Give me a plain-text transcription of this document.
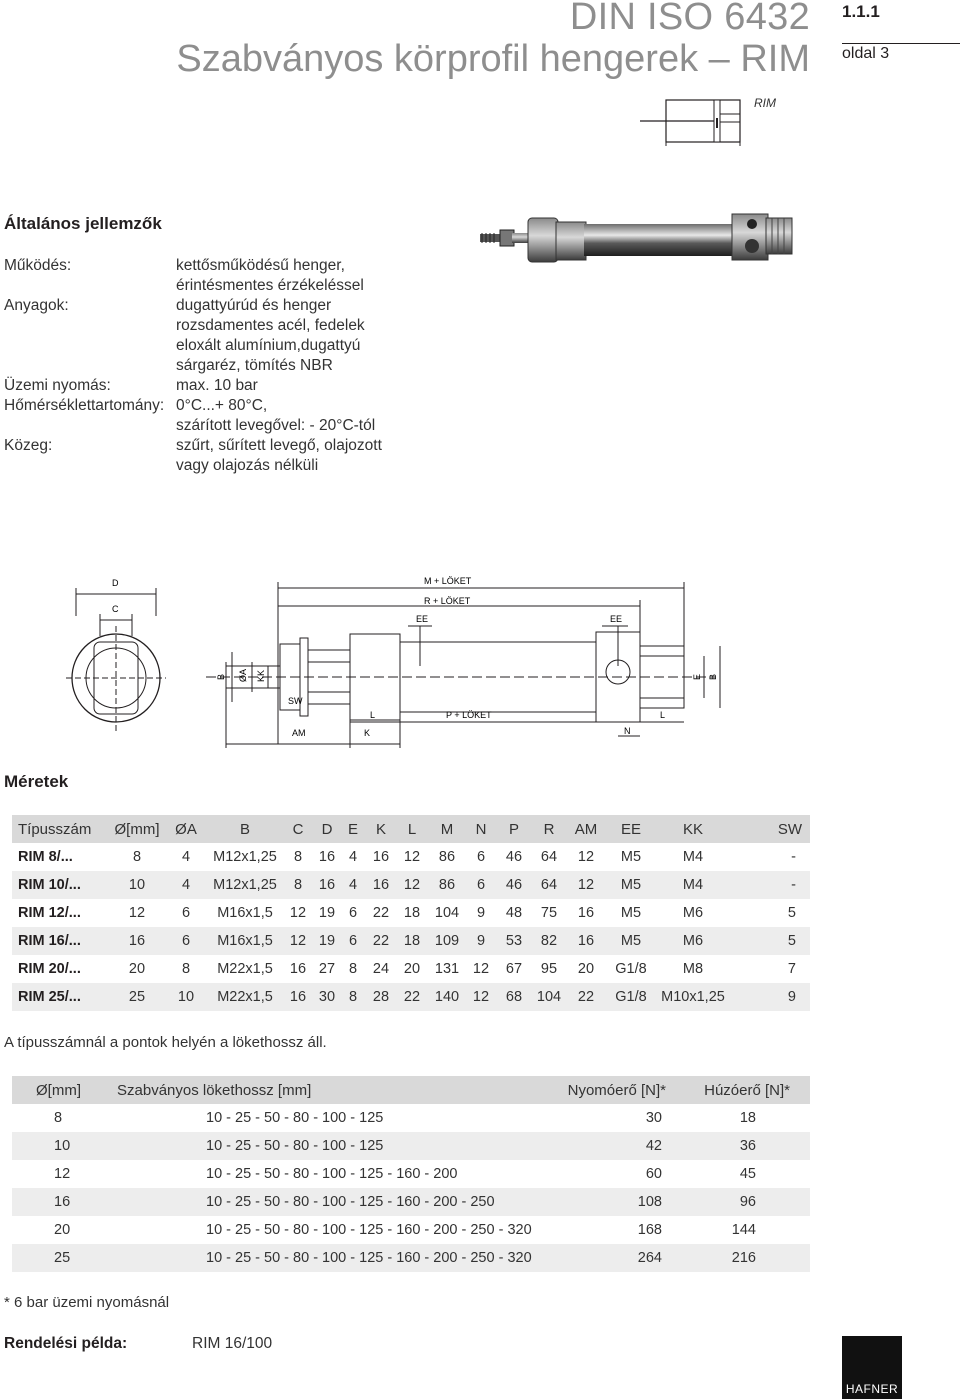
DIN ISO 6432
Szabványos körprofil hengerek – RIM
1.1.1
oldal 3
RIM
Általános jellemzők
Működés:	kettősműködésű henger,
érintésmentes érzékeléssel
Anyagok:	dugattyúrúd és henger
rozsdamentes acél, fedelek
eloxált alumínium,dugattyú
sárgaréz, tömítés NBR
Üzemi nyomás:	max. 10 bar
Hőmérséklettartomány: 0°C...+ 80°C,
szárított levegővel: - 20°C-tól
Közeg:	szűrt, sűrített levegő, olajozott
vagy olajozás nélküli
D
C
B ØA KK
SW
AM	K
L
M + LÖKET
R + LÖKET
P + LÖKET
EE	EE
L
N
E B
Méretek
Típusszám	Ø[mm]	ØA	B	C	D	E	K	L	M	N	P	R	AM	EE	KK	SW
RIM 8/...	8	4	M12x1,25	8	16	4	16	12	86	6	46	64	12	M5	M4	-
RIM 10/...	10	4	M12x1,25	8	16	4	16	12	86	6	46	64	12	M5	M4	-
RIM 12/...	12	6	M16x1,5	12	19	6	22	18	104	9	48	75	16	M5	M6	5
RIM 16/...	16	6	M16x1,5	12	19	6	22	18	109	9	53	82	16	M5	M6	5
RIM 20/...	20	8	M22x1,5	16	27	8	24	20	131	12	67	95	20	G1/8	M8	7
RIM 25/...	25	10	M22x1,5	16	30	8	28	22	140	12	68	104	22	G1/8	M10x1,25	9
A típusszámnál a pontok helyén a lökethossz áll.
Ø[mm]	Szabványos lökethossz [mm]	Nyomóerő [N]*	Húzóerő [N]*
8	10 - 25 - 50 - 80 - 100 - 125	30	18
10	10 - 25 - 50 - 80 - 100 - 125	42	36
12	10 - 25 - 50 - 80 - 100 - 125 - 160 - 200	60	45
16	10 - 25 - 50 - 80 - 100 - 125 - 160 - 200 - 250	108	96
20	10 - 25 - 50 - 80 - 100 - 125 - 160 - 200 - 250 - 320	168	144
25	10 - 25 - 50 - 80 - 100 - 125 - 160 - 200 - 250 - 320	264	216
* 6 bar üzemi nyomásnál
Rendelési példa:	RIM 16/100
HAFNER
